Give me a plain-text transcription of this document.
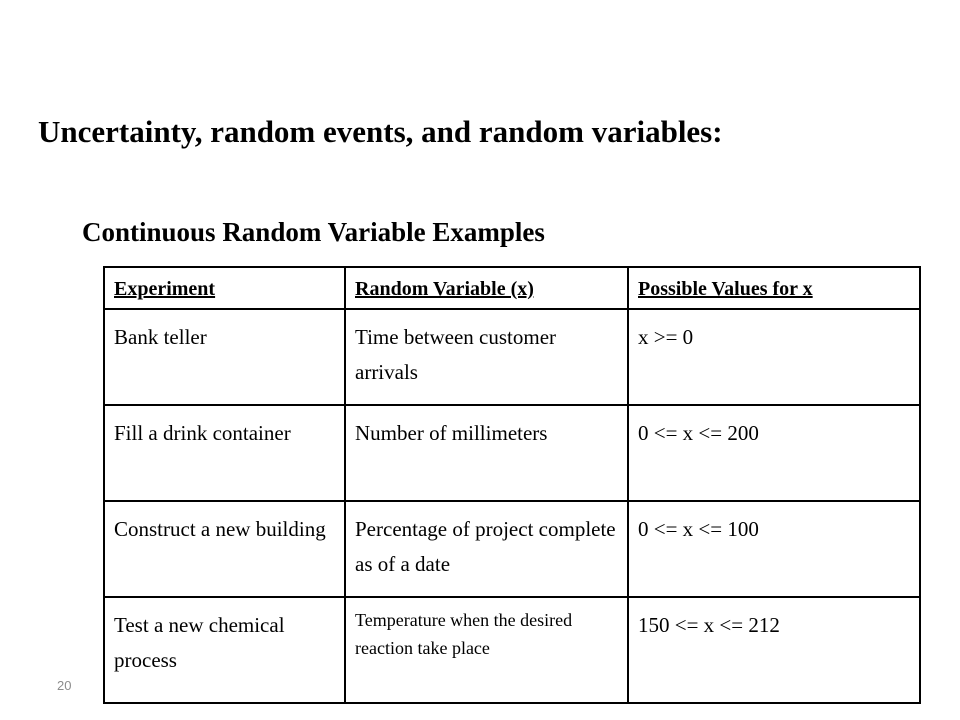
Uncertainty, random events, and random variables:
Continuous Random Variable Examples
Experiment	Random Variable (x)	Possible Values for x
Bank teller	Time between customer arrivals	x >= 0
Fill a drink container	Number of millimeters	0 <= x <= 200
Construct a new building	Percentage of project complete as of a date	0 <= x <= 100
Test a new chemical process	Temperature when the desired reaction take place	150 <= x <= 212
20
